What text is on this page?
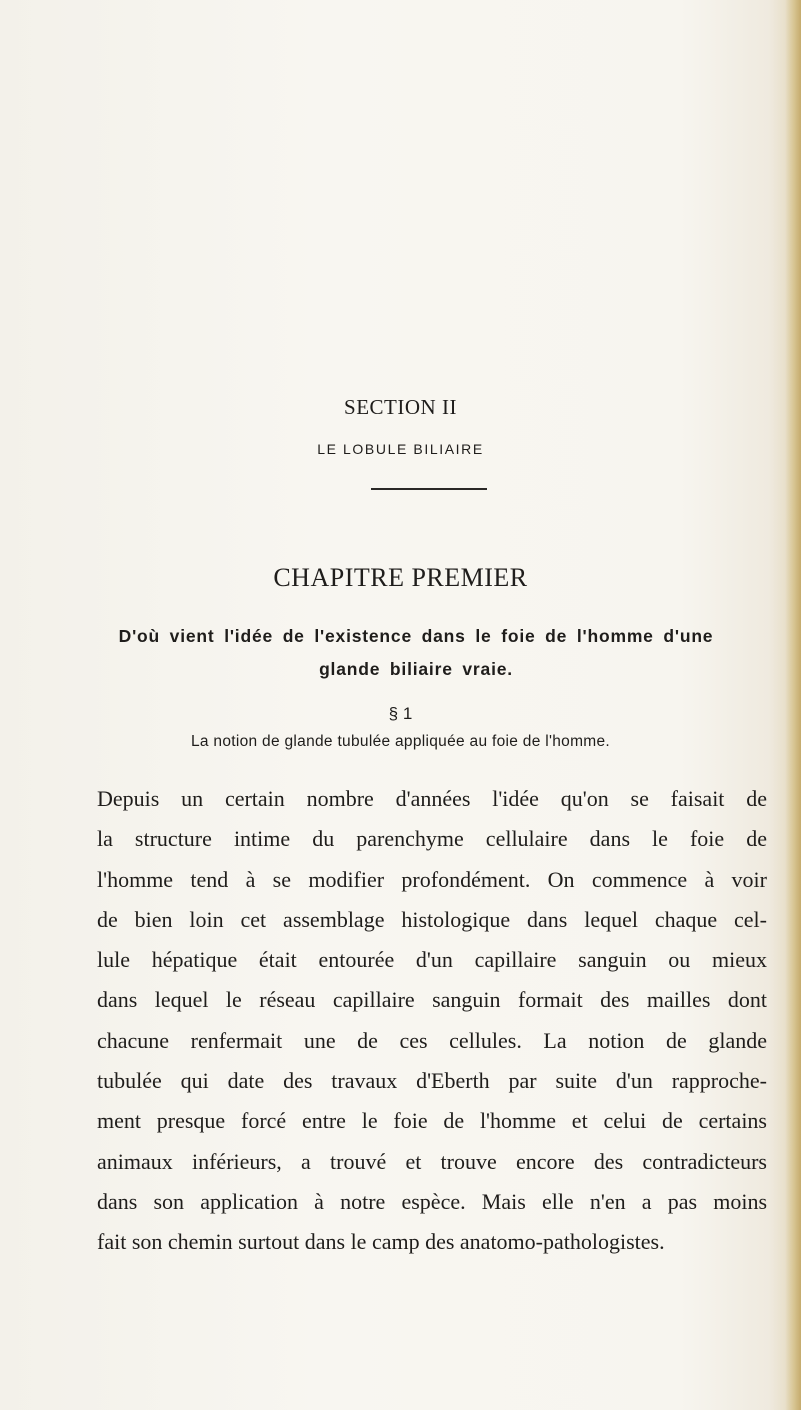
SECTION II
LE LOBULE BILIAIRE
CHAPITRE PREMIER
D'où vient l'idée de l'existence dans le foie de l'homme d'une
glande biliaire vraie.
§ 1
La notion de glande tubulée appliquée au foie de l'homme.
Depuis un certain nombre d'années l'idée qu'on se faisait de
la structure intime du parenchyme cellulaire dans le foie de
l'homme tend à se modifier profondément. On commence à voir
de bien loin cet assemblage histologique dans lequel chaque cel-
lule hépatique était entourée d'un capillaire sanguin ou mieux
dans lequel le réseau capillaire sanguin formait des mailles dont
chacune renfermait une de ces cellules. La notion de glande
tubulée qui date des travaux d'Eberth par suite d'un rapproche-
ment presque forcé entre le foie de l'homme et celui de certains
animaux inférieurs, a trouvé et trouve encore des contradicteurs
dans son application à notre espèce. Mais elle n'en a pas moins
fait son chemin surtout dans le camp des anatomo-pathologistes.
